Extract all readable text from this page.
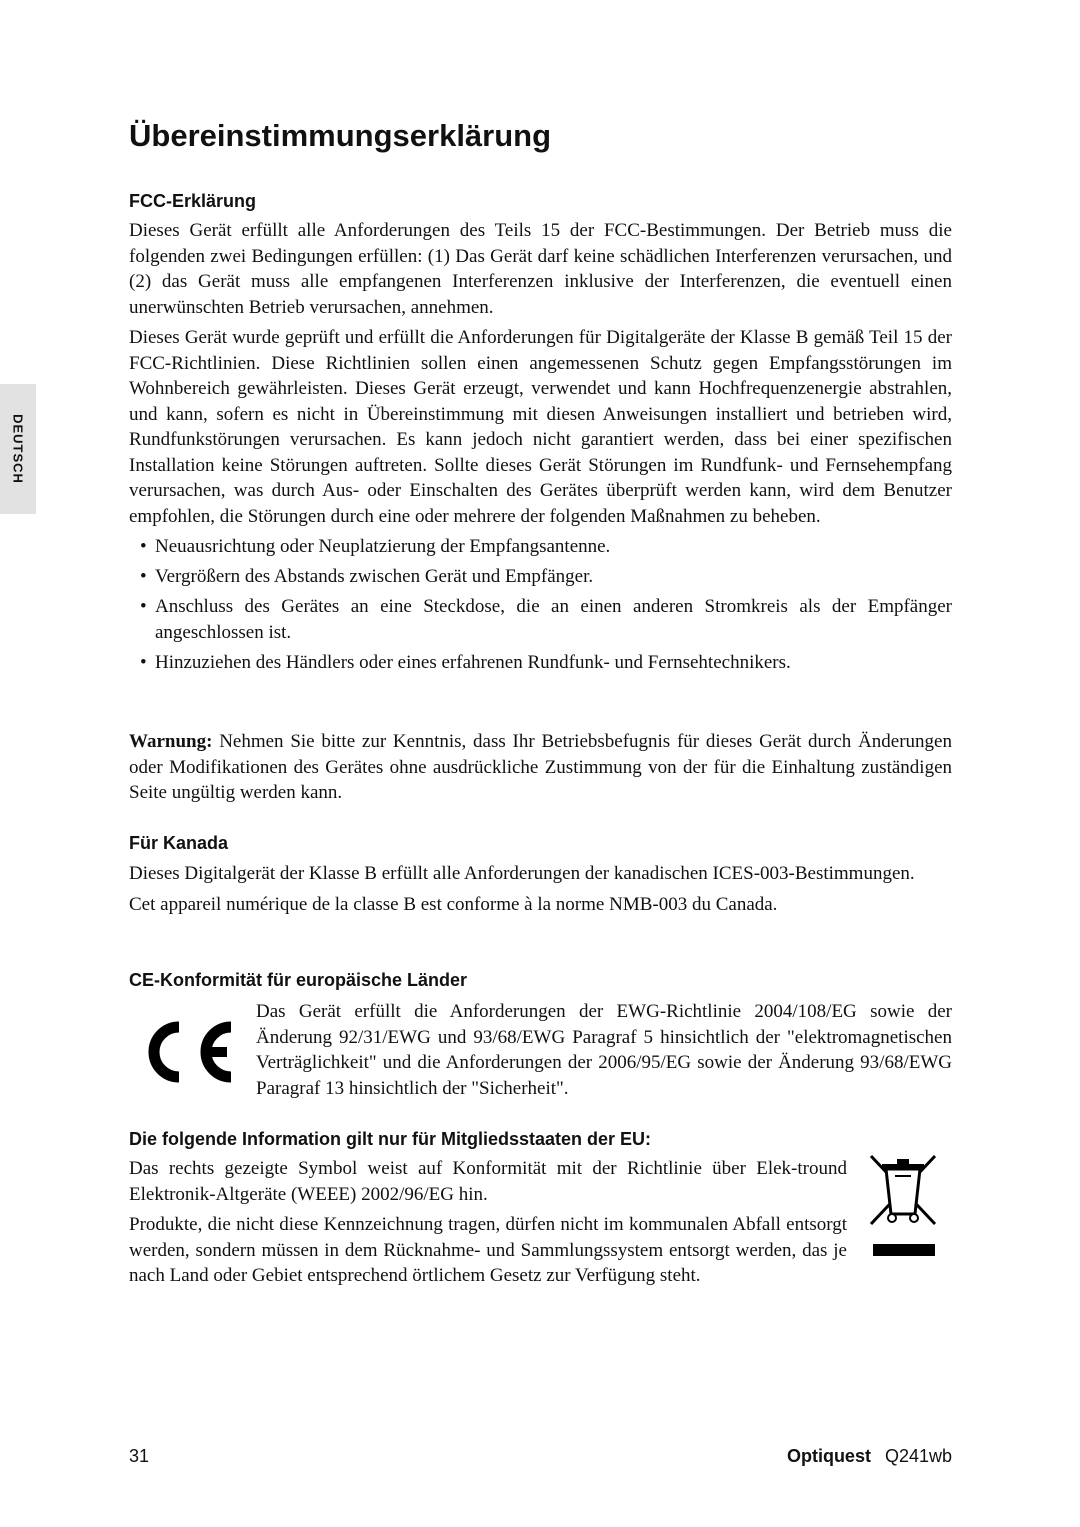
DEUTSCH
Übereinstimmungserklärung
FCC-Erklärung

Dieses Gerät erfüllt alle Anforderungen des Teils 15 der FCC-Bestimmungen. Der Betrieb muss die folgenden zwei Bedingungen erfüllen: (1) Das Gerät darf keine schädlichen Interferenzen verursachen, und (2) das Gerät muss alle empfangenen Interferenzen inklusive der Interferenzen, die eventuell einen unerwünschten Betrieb verursachen, annehmen.

Dieses Gerät wurde geprüft und erfüllt die Anforderungen für Digitalgeräte der Klasse B gemäß Teil 15 der FCC-Richtlinien. Diese Richtlinien sollen einen angemessenen Schutz gegen Empfangsstörungen im Wohnbereich gewährleisten. Dieses Gerät erzeugt, verwendet und kann Hochfrequenzenergie abstrahlen, und kann, sofern es nicht in Übereinstimmung mit diesen Anweisungen installiert und betrieben wird, Rundfunkstörungen verursachen. Es kann jedoch nicht garantiert werden, dass bei einer spezifischen Installation keine Störungen auftreten. Sollte dieses Gerät Störungen im Rundfunk- und Fernsehempfang verursachen, was durch Aus- oder Einschalten des Gerätes überprüft werden kann, wird dem Benutzer empfohlen, die Störungen durch eine oder mehrere der folgenden Maßnahmen zu beheben.

• Neuausrichtung oder Neuplatzierung der Empfangsantenne.
• Vergrößern des Abstands zwischen Gerät und Empfänger.
• Anschluss des Gerätes an eine Steckdose, die an einen anderen Stromkreis als der Empfänger angeschlossen ist.
• Hinzuziehen des Händlers oder eines erfahrenen Rundfunk- und Fernsehtechnikers.

Warnung: Nehmen Sie bitte zur Kenntnis, dass Ihr Betriebsbefugnis für dieses Gerät durch Änderungen oder Modifikationen des Gerätes ohne ausdrückliche Zustimmung von der für die Einhaltung zuständigen Seite ungültig werden kann.

Für Kanada

Dieses Digitalgerät der Klasse B erfüllt alle Anforderungen der kanadischen ICES-003-Bestimmungen.

Cet appareil numérique de la classe B est conforme à la norme NMB-003 du Canada.

CE-Konformität für europäische Länder

Das Gerät erfüllt die Anforderungen der EWG-Richtlinie 2004/108/EG sowie der Änderung 92/31/EWG und 93/68/EWG Paragraf 5 hinsichtlich der "elektromagnetischen Verträglichkeit" und die Anforderungen der 2006/95/EG sowie der Änderung 93/68/EWG Paragraf 13 hinsichtlich der "Sicherheit".

Die folgende Information gilt nur für Mitgliedsstaaten der EU:

Das rechts gezeigte Symbol weist auf Konformität mit der Richtlinie über Elek-tround Elektronik-Altgeräte (WEEE) 2002/96/EG hin.

Produkte, die nicht diese Kennzeichnung tragen, dürfen nicht im kommunalen Abfall entsorgt werden, sondern müssen in dem Rücknahme- und Sammlungssystem entsorgt werden, das je nach Land oder Gebiet entsprechend örtlichem Gesetz zur Verfügung steht.

31	Optiquest Q241wb
